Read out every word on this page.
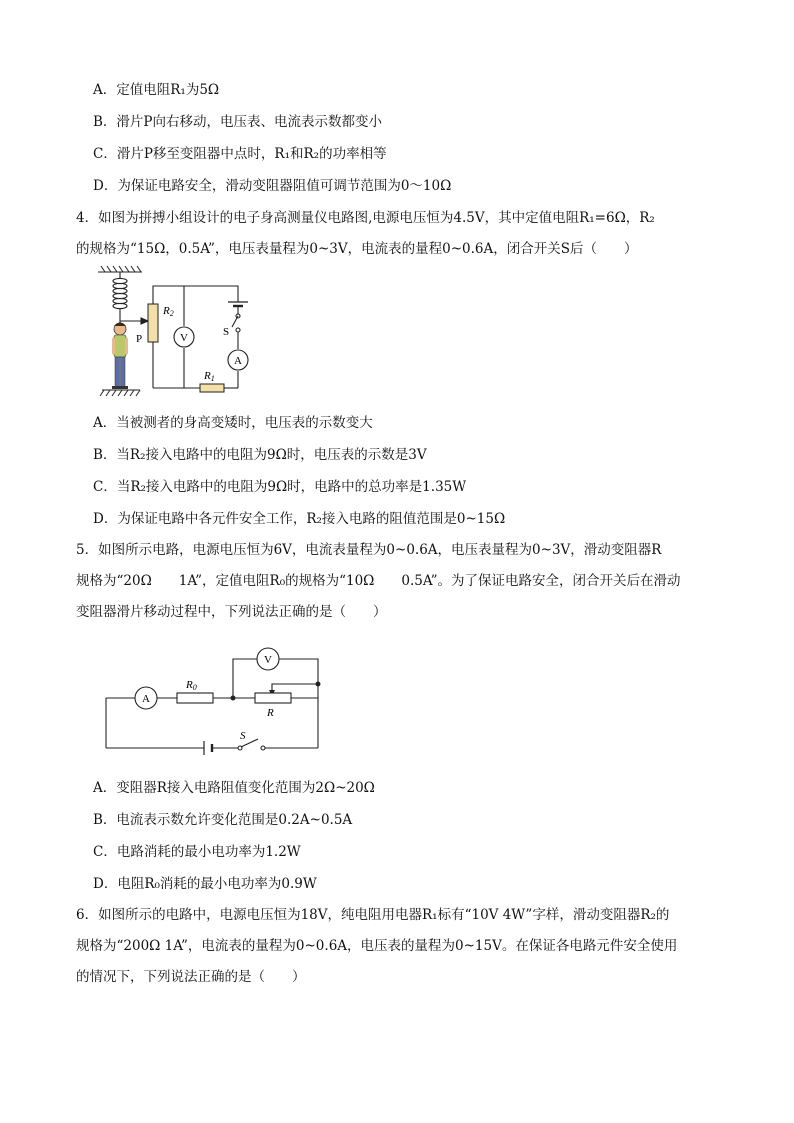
A．定值电阻R₁为5Ω
B．滑片P向右移动，电压表、电流表示数都变小
C．滑片P移至变阻器中点时，R₁和R₂的功率相等
D．为保证电路安全，滑动变阻器阻值可调节范围为0～10Ω
4．如图为拼搏小组设计的电子身高测量仪电路图,电源电压恒为4.5V，其中定值电阻R₁=6Ω，R₂
的规格为“15Ω，0.5A”，电压表量程为0~3V，电流表的量程0~0.6A，闭合开关S后（　　）
R2
P	V	S
A
R1
A．当被测者的身高变矮时，电压表的示数变大
B．当R₂接入电路中的电阻为9Ω时，电压表的示数是3V
C．当R₂接入电路中的电阻为9Ω时，电路中的总功率是1.35W
D．为保证电路中各元件安全工作，R₂接入电路的阻值范围是0~15Ω
5．如图所示电路，电源电压恒为6V，电流表量程为0~0.6A，电压表量程为0~3V，滑动变阻器R
规格为“20Ω　　1A”，定值电阻R₀的规格为“10Ω　　0.5A”。为了保证电路安全，闭合开关后在滑动
变阻器滑片移动过程中，下列说法正确的是（　　）
V
A
R0
R
S
A．变阻器R接入电路阻值变化范围为2Ω~20Ω
B．电流表示数允许变化范围是0.2A~0.5A
C．电路消耗的最小电功率为1.2W
D．电阻R₀消耗的最小电功率为0.9W
6．如图所示的电路中，电源电压恒为18V，纯电阻用电器R₁标有“10V 4W”字样，滑动变阻器R₂的
规格为“200Ω 1A”，电流表的量程为0~0.6A，电压表的量程为0~15V。在保证各电路元件安全使用
的情况下，下列说法正确的是（　　）
